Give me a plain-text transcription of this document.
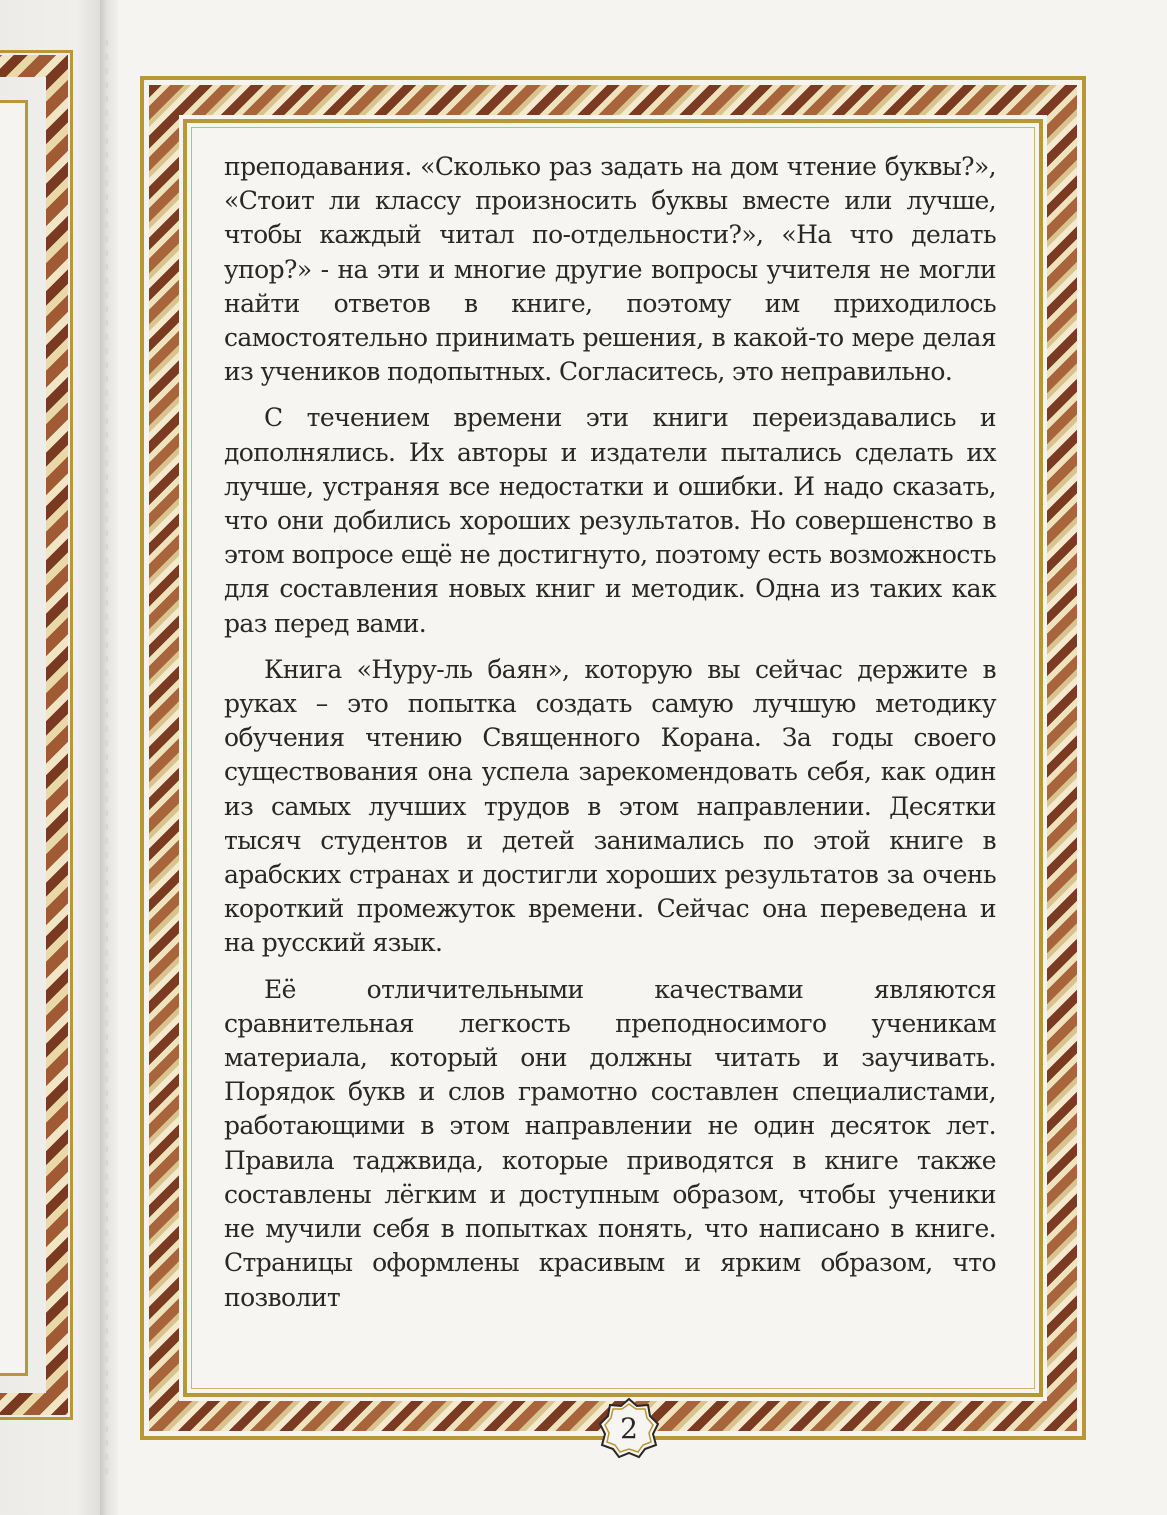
преподавания. «Сколько раз задать на дом чтение буквы?», «Стоит ли классу произносить буквы вместе или лучше, чтобы каждый читал по-отдельности?», «На что делать упор?» - на эти и многие другие вопросы учителя не могли найти ответов в книге, поэтому им приходилось самостоятельно принимать решения, в какой-то мере делая из учеников подопытных. Согласитесь, это неправильно.

С течением времени эти книги переиздавались и дополнялись. Их авторы и издатели пытались сделать их лучше, устраняя все недостатки и ошибки. И надо сказать, что они добились хороших результатов. Но совершенство в этом вопросе ещё не достигнуто, поэтому есть возможность для составления новых книг и методик. Одна из таких как раз перед вами.

Книга «Нуру-ль баян», которую вы сейчас держите в руках – это попытка создать самую лучшую методику обучения чтению Священного Корана. За годы своего существования она успела зарекомендовать себя, как один из самых лучших трудов в этом направлении. Десятки тысяч студентов и детей занимались по этой книге в арабских странах и достигли хороших результатов за очень короткий промежуток времени. Сейчас она переведена и на русский язык.

Её отличительными качествами являются сравнительная легкость преподносимого ученикам материала, который они должны читать и заучивать. Порядок букв и слов грамотно составлен специалистами, работающими в этом направлении не один десяток лет. Правила таджвида, которые приводятся в книге также составлены лёгким и доступным образом, чтобы ученики не мучили себя в попытках понять, что написано в книге. Страницы оформлены красивым и ярким образом, что позволит

2
